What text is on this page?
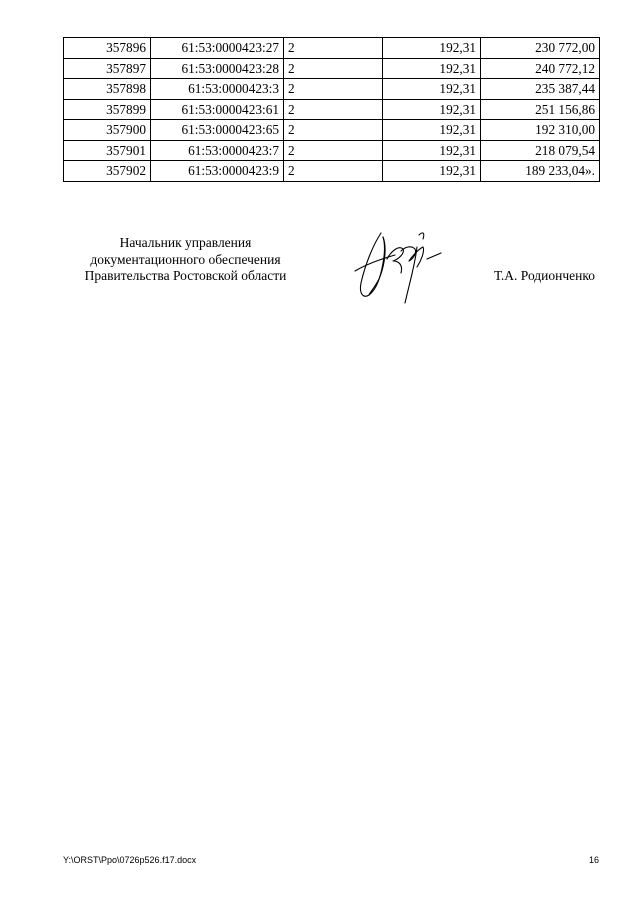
357896	61:53:0000423:27	2	192,31	230 772,00
357897	61:53:0000423:28	2	192,31	240 772,12
357898	61:53:0000423:3	2	192,31	235 387,44
357899	61:53:0000423:61	2	192,31	251 156,86
357900	61:53:0000423:65	2	192,31	192 310,00
357901	61:53:0000423:7	2	192,31	218 079,54
357902	61:53:0000423:9	2	192,31	189 233,04».
Начальник управления
документационного обеспечения
Правительства Ростовской области	Т.А. Родионченко
Y:\ORST\Ppo\0726p526.f17.docx	16
